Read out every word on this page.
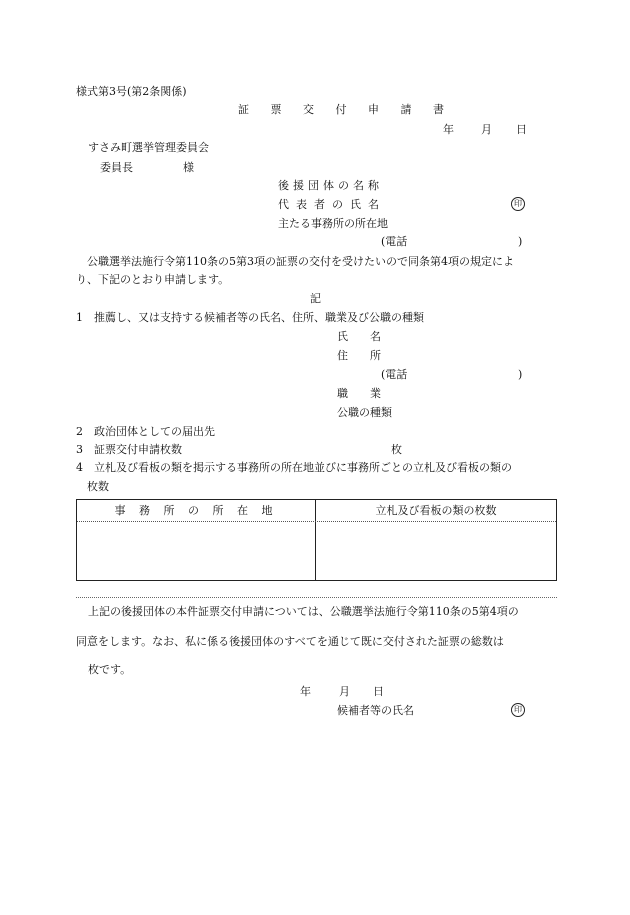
様式第3号(第2条関係)
証 票 交 付 申 請 書
年 月 日
すさみ町選挙管理委員会
委員長	様
後援団体の名称
代表者の氏名	印
主たる事務所の所在地
(電話	)
公職選挙法施行令第110条の5第3項の証票の交付を受けたいので同条第4項の規定によ
り、下記のとおり申請します。
記
1　推薦し、又は支持する候補者等の氏名、住所、職業及び公職の種類
氏　　名
住　　所
(電話	)
職　　業
公職の種類
2　政治団体としての届出先
3　証票交付申請枚数	枚
4　立札及び看板の類を掲示する事務所の所在地並びに事務所ごとの立札及び看板の類の
枚数
事 務 所 の 所 在 地	立札及び看板の類の枚数
上記の後援団体の本件証票交付申請については、公職選挙法施行令第110条の5第4項の
同意をします。なお、私に係る後援団体のすべてを通じて既に交付された証票の総数は
枚です。
年	月 日
候補者等の氏名	印
